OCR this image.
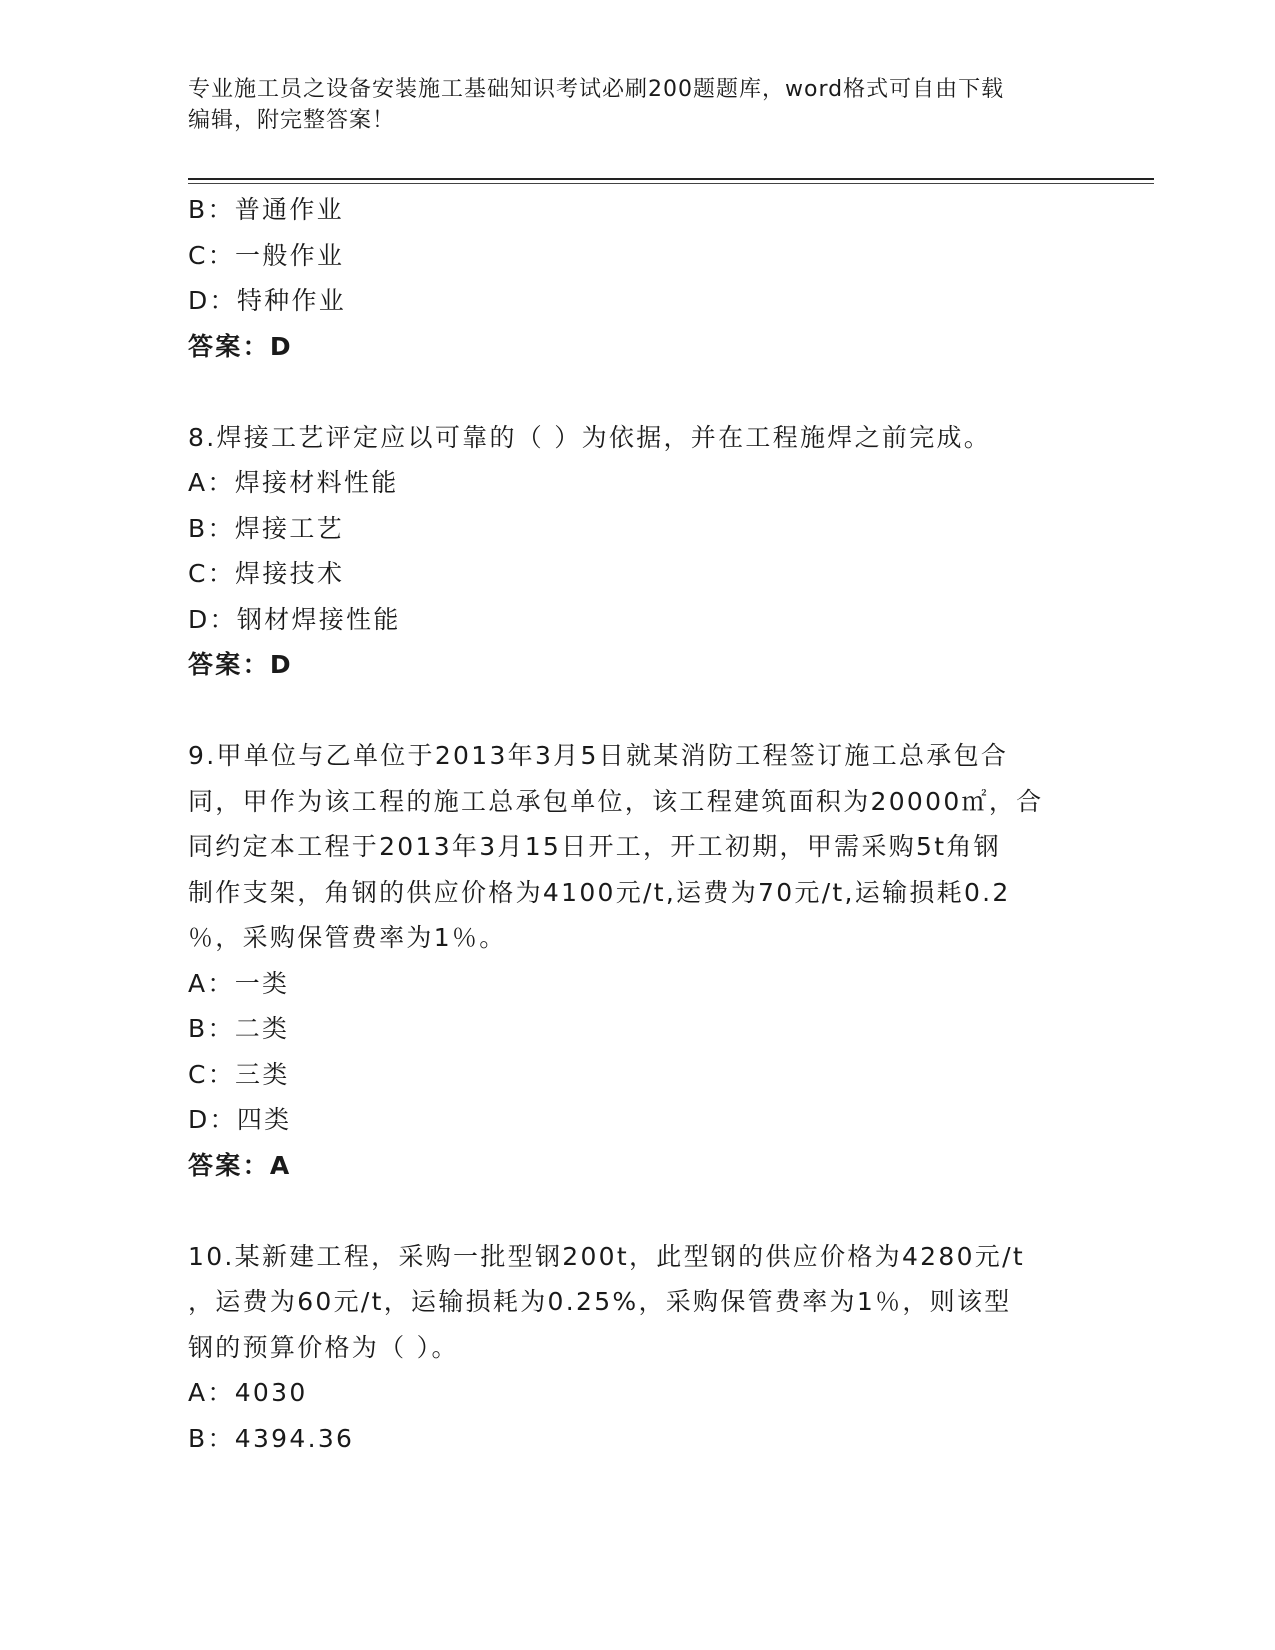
专业施工员之设备安装施工基础知识考试必刷200题题库，word格式可自由下载
编辑，附完整答案！
B：普通作业
C：一般作业
D：特种作业
答案：D
8.焊接工艺评定应以可靠的（ ）为依据，并在工程施焊之前完成。
A：焊接材料性能
B：焊接工艺
C：焊接技术
D：钢材焊接性能
答案：D
9.甲单位与乙单位于2013年3月5日就某消防工程签订施工总承包合
同，甲作为该工程的施工总承包单位，该工程建筑面积为20000㎡，合
同约定本工程于2013年3月15日开工，开工初期，甲需采购5t角钢
制作支架，角钢的供应价格为4100元/t,运费为70元/t,运输损耗0.2
％，采购保管费率为1％。
A：一类
B：二类
C：三类
D：四类
答案：A
10.某新建工程，采购一批型钢200t，此型钢的供应价格为4280元/t
，运费为60元/t，运输损耗为0.25%，采购保管费率为1％，则该型
钢的预算价格为（ ）。
A：4030
B：4394.36
